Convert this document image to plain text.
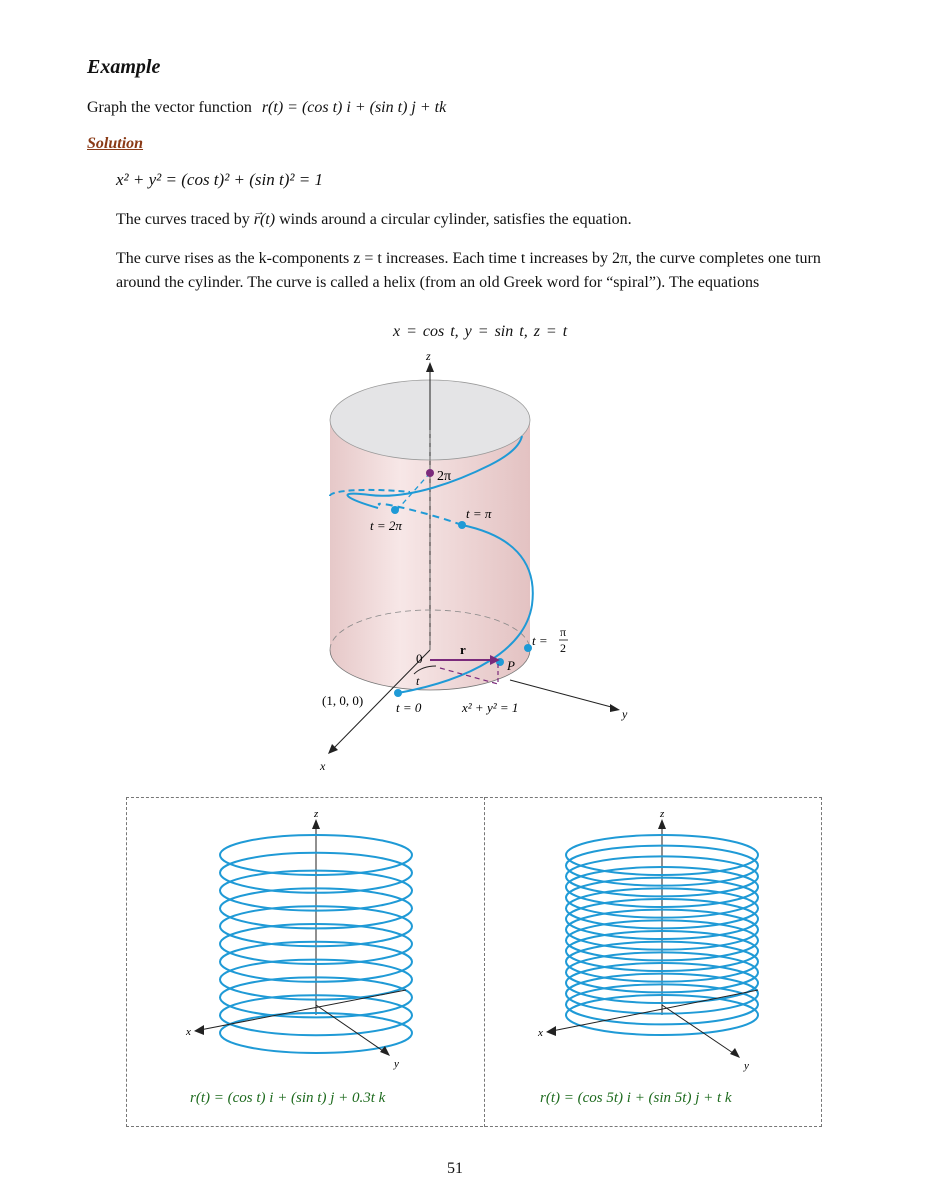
Example
Graph the vector function r(t) = (cos t) i + (sin t) j + tk
Solution
x² + y² = (cos t)² + (sin t)² = 1
The curves traced by → r(t) winds around a circular cylinder, satisfies the equation.
The curve rises as the k-components z = t increases. Each time t increases by 2π, the curve completes one turn around the cylinder. The curve is called a helix (from an old Greek word for “spiral”). The equations
x = cos t, y = sin t, z = t
z
x
y
2π
t = π
t = 2π
t =
π
2
0
r
P
t
(1, 0, 0)	t = 0	x² + y² = 1
z
x
y
z
x
y
r(t) = (cos t) i + (sin t) j + 0.3t k	r(t) = (cos 5t) i + (sin 5t) j + t k
51
